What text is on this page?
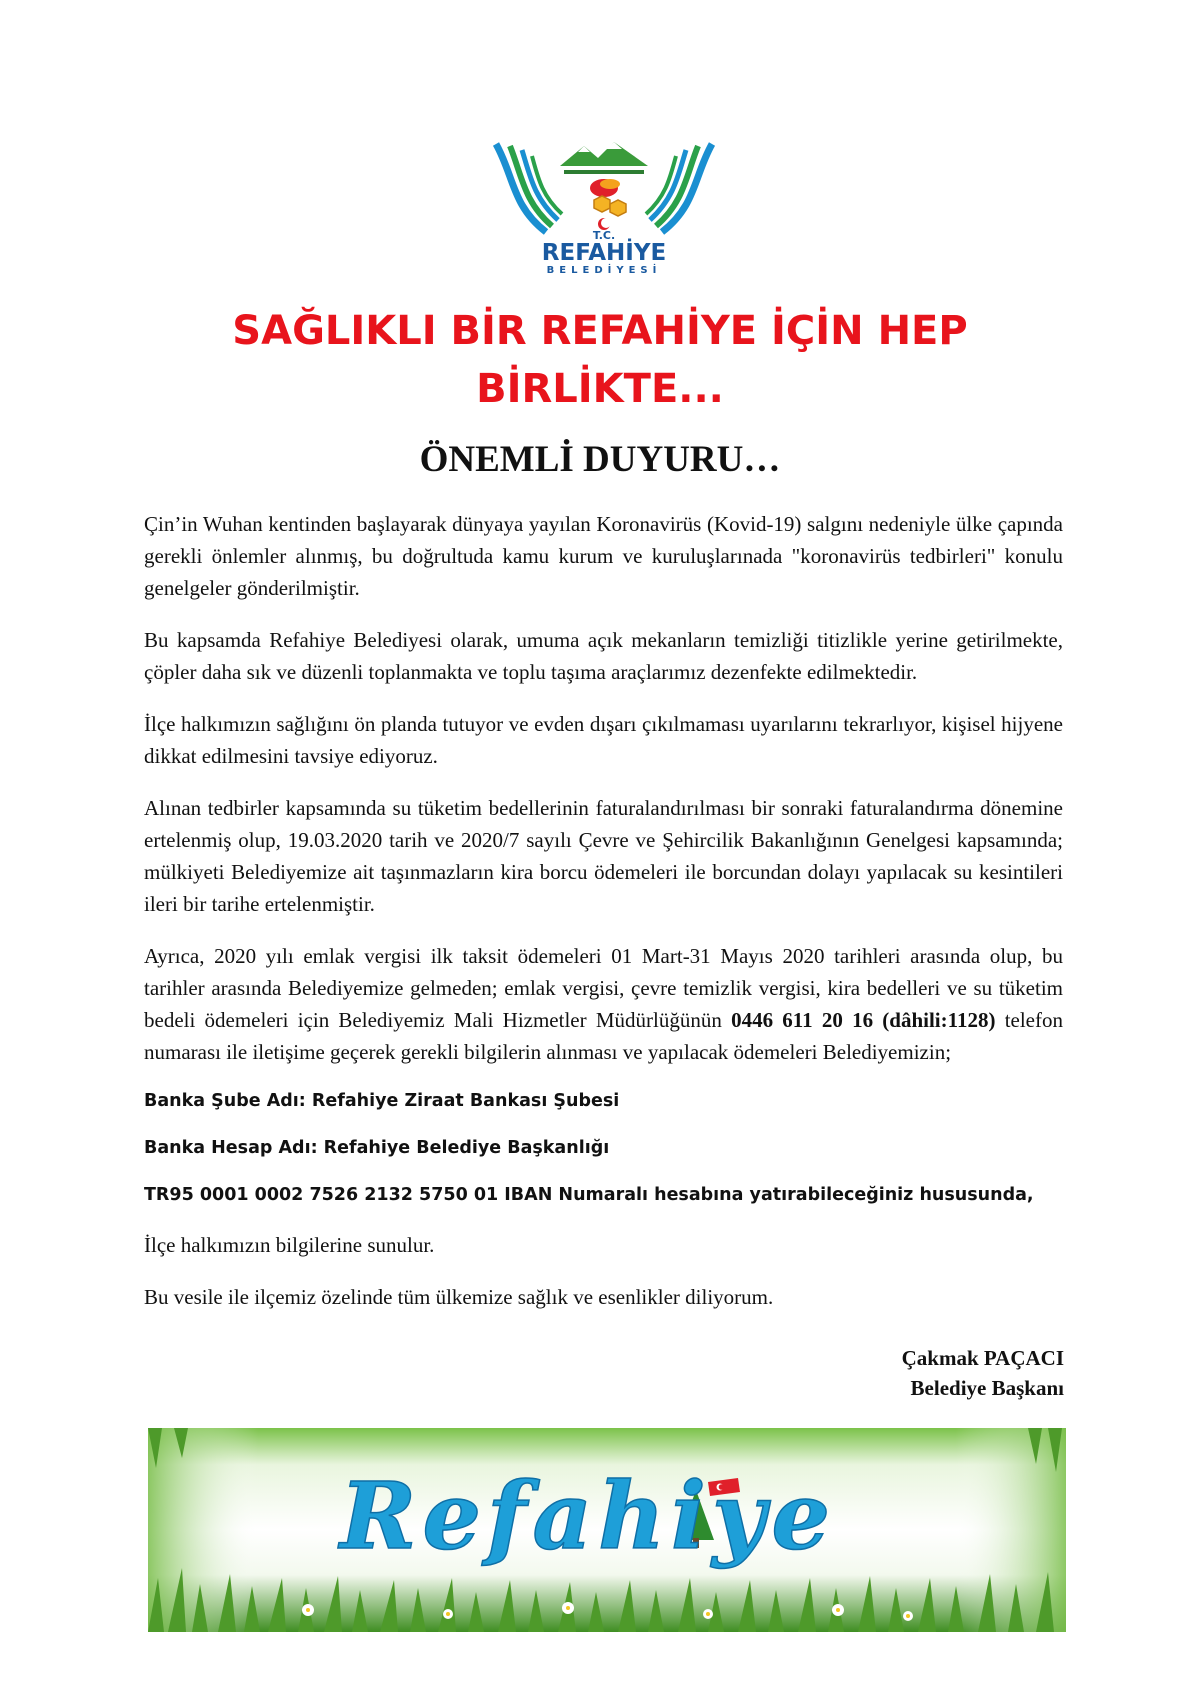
T.C.
REFAHİYE
BELEDİYESİ
SAĞLIKLI BİR REFAHİYE İÇİN HEP
BİRLİKTE...
ÖNEMLİ DUYURU…

Çin’in Wuhan kentinden başlayarak dünyaya yayılan Koronavirüs (Kovid-19) salgını nedeniyle ülke çapında gerekli önlemler alınmış, bu doğrultuda kamu kurum ve kuruluşlarınada "koronavirüs tedbirleri" konulu genelgeler gönderilmiştir.

Bu kapsamda Refahiye Belediyesi olarak, umuma açık mekanların temizliği titizlikle yerine getirilmekte, çöpler daha sık ve düzenli toplanmakta ve toplu taşıma araçlarımız dezenfekte edilmektedir.

İlçe halkımızın sağlığını ön planda tutuyor ve evden dışarı çıkılmaması uyarılarını tekrarlıyor, kişisel hijyene dikkat edilmesini tavsiye ediyoruz.

Alınan tedbirler kapsamında su tüketim bedellerinin faturalandırılması bir sonraki faturalandırma dönemine ertelenmiş olup, 19.03.2020 tarih ve 2020/7 sayılı Çevre ve Şehircilik Bakanlığının Genelgesi kapsamında; mülkiyeti Belediyemize ait taşınmazların kira borcu ödemeleri ile borcundan dolayı yapılacak su kesintileri ileri bir tarihe ertelenmiştir.

Ayrıca, 2020 yılı emlak vergisi ilk taksit ödemeleri 01 Mart-31 Mayıs 2020 tarihleri arasında olup, bu tarihler arasında Belediyemize gelmeden; emlak vergisi, çevre temizlik vergisi, kira bedelleri ve su tüketim bedeli ödemeleri için Belediyemiz Mali Hizmetler Müdürlüğünün 0446 611 20 16 (dâhili:1128) telefon numarası ile iletişime geçerek gerekli bilgilerin alınması ve yapılacak ödemeleri Belediyemizin;

Banka Şube Adı: Refahiye Ziraat Bankası Şubesi

Banka Hesap Adı: Refahiye Belediye Başkanlığı

TR95 0001 0002 7526 2132 5750 01 IBAN Numaralı hesabına yatırabileceğiniz hususunda,

İlçe halkımızın bilgilerine sunulur.

Bu vesile ile ilçemiz özelinde tüm ülkemize sağlık ve esenlikler diliyorum.

Çakmak PAÇACI
Belediye Başkanı
Refahiye
